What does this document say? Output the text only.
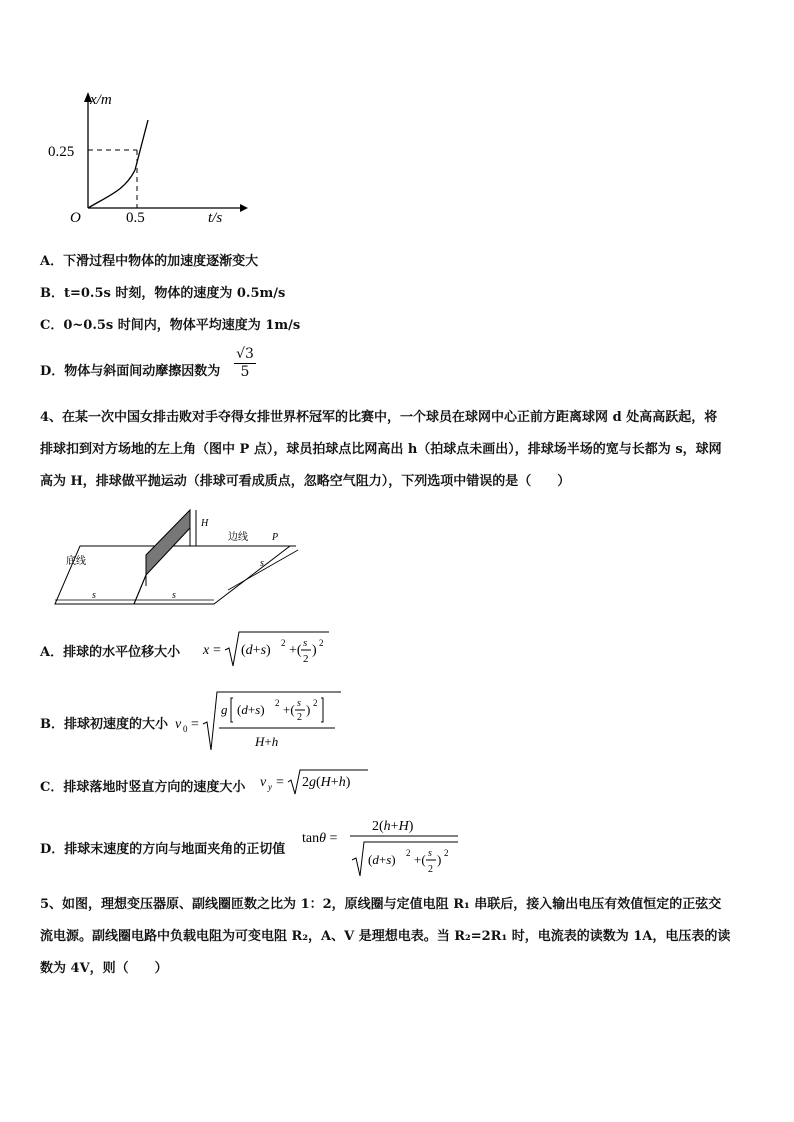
x/m
t/s
O
0.25
0.5
A．下滑过程中物体的加速度逐渐变大
B．t=0.5s 时刻，物体的速度为 0.5m/s
C．0~0.5s 时间内，物体平均速度为 1m/s
D．物体与斜面间动摩擦因数为 $\frac{√3}{5}$
4、在某一次中国女排击败对手夺得女排世界杯冠军的比赛中，一个球员在球网中心正前方距离球网 d 处高高跃起，将
排球扣到对方场地的左上角（图中 P 点），球员拍球点比网高出 h（拍球点未画出），排球场半场的宽与长都为 s，球网
高为 H，排球做平抛运动（排球可看成质点，忽略空气阻力），下列选项中错误的是（　　）
H
边线 P
底线
s	s
s
A．排球的水平位移大小 x = (d+s) 2 +( s
2
) 2
B．排球初速度的大小 v 0 =
g (d+s) 2 +( s
2
) 2
H+h
C．排球落地时竖直方向的速度大小 v y = 2g(H+h)
D．排球末速度的方向与地面夹角的正切值
tanθ =
2(h+H)
(d+s) 2 +( s
2
) 2
5、如图，理想变压器原、副线圈匝数之比为 1：2，原线圈与定值电阻 R₁ 串联后，接入输出电压有效值恒定的正弦交
流电源。副线圈电路中负载电阻为可变电阻 R₂，A、V 是理想电表。当 R₂=2R₁ 时，电流表的读数为 1A，电压表的读
数为 4V，则（　　）
